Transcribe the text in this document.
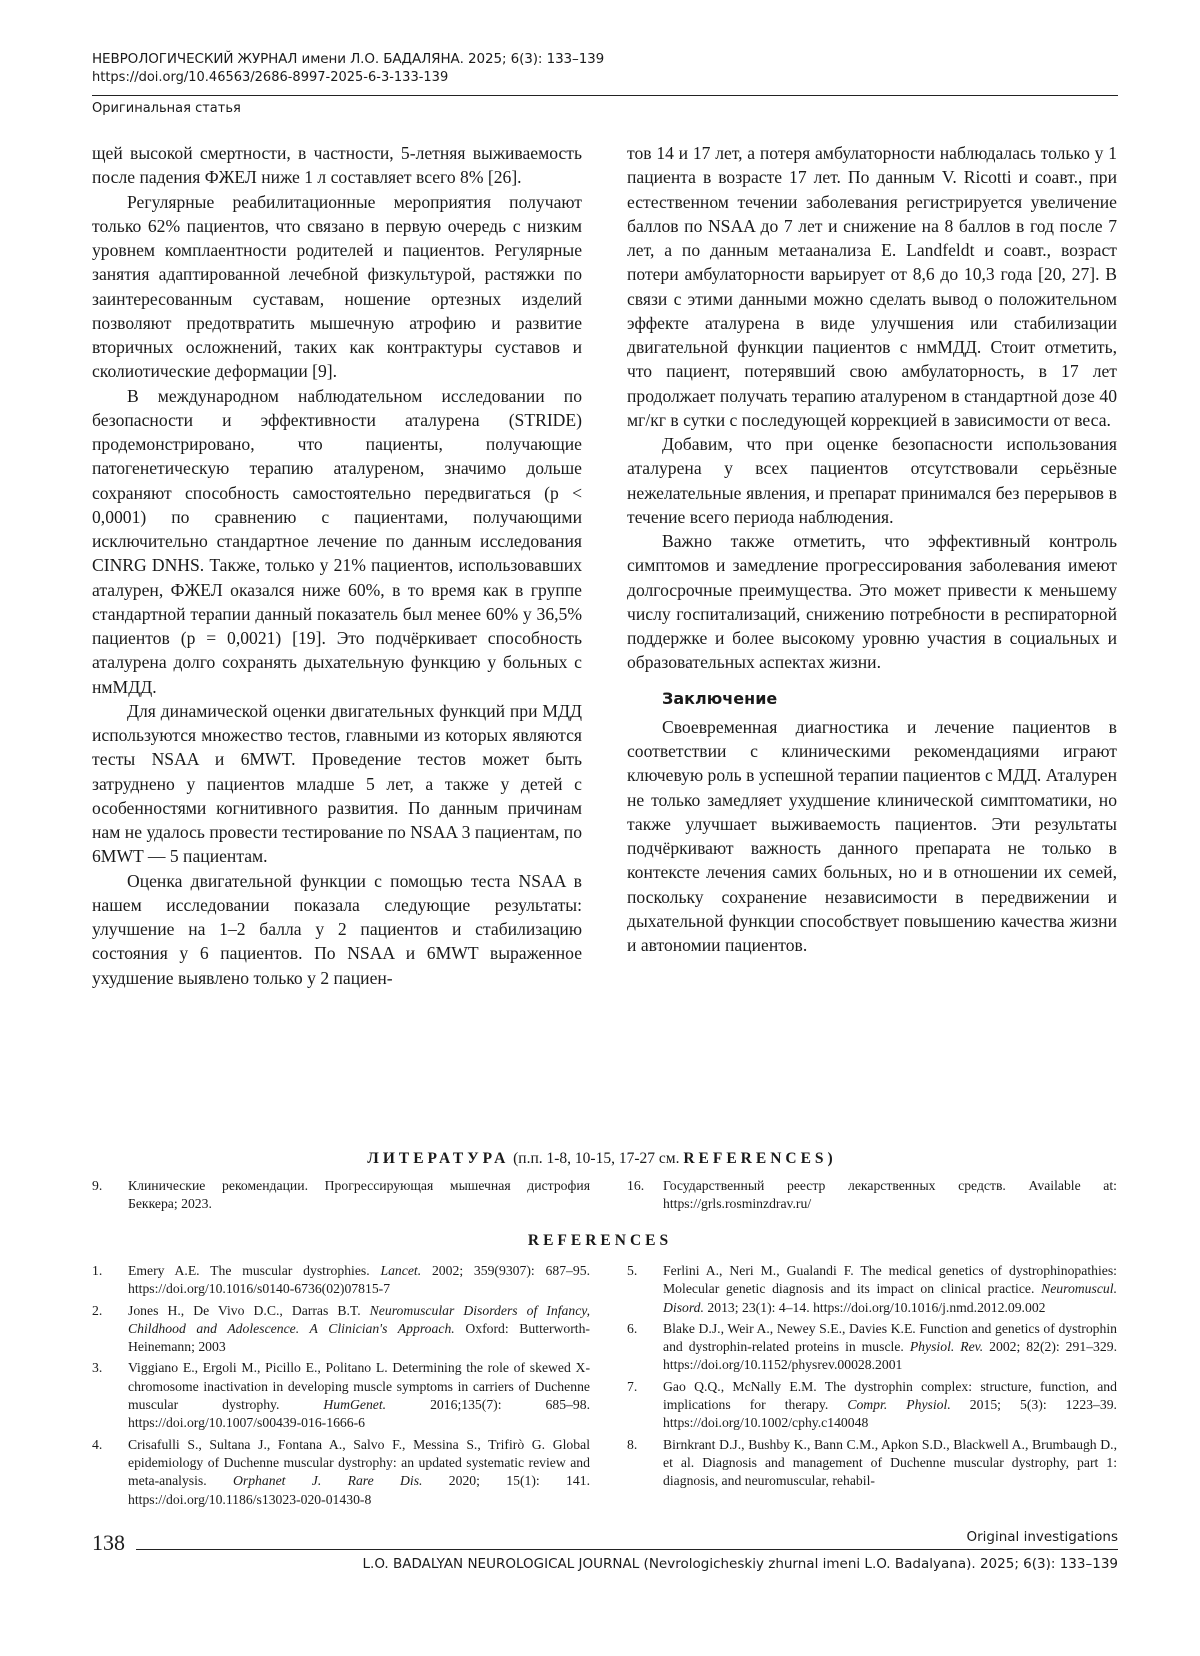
НЕВРОЛОГИЧЕСКИЙ ЖУРНАЛ имени Л.О. БАДАЛЯНА. 2025; 6(3): 133–139
https://doi.org/10.46563/2686-8997-2025-6-3-133-139
Оригинальная статья

щей высокой смертности, в частности, 5-летняя выживаемость после падения ФЖЕЛ ниже 1 л составляет всего 8% [26].

Регулярные реабилитационные мероприятия получают только 62% пациентов, что связано в первую очередь с низким уровнем комплаентности родителей и пациентов. Регулярные занятия адаптированной лечебной физкультурой, растяжки по заинтересованным суставам, ношение ортезных изделий позволяют предотвратить мышечную атрофию и развитие вторичных осложнений, таких как контрактуры суставов и сколиотические деформации [9].

В международном наблюдательном исследовании по безопасности и эффективности аталурена (STRIDE) продемонстрировано, что пациенты, получающие патогенетическую терапию аталуреном, значимо дольше сохраняют способность самостоятельно передвигаться (p < 0,0001) по сравнению с пациентами, получающими исключительно стандартное лечение по данным исследования CINRG DNHS. Также, только у 21% пациентов, использовавших аталурен, ФЖЕЛ оказался ниже 60%, в то время как в группе стандартной терапии данный показатель был менее 60% у 36,5% пациентов (p = 0,0021) [19]. Это подчёркивает способность аталурена долго сохранять дыхательную функцию у больных с нмМДД.

Для динамической оценки двигательных функций при МДД используются множество тестов, главными из которых являются тесты NSAA и 6MWT. Проведение тестов может быть затруднено у пациентов младше 5 лет, а также у детей с особенностями когнитивного развития. По данным причинам нам не удалось провести тестирование по NSAA 3 пациентам, по 6MWT — 5 пациентам.

Оценка двигательной функции с помощью теста NSAA в нашем исследовании показала следующие результаты: улучшение на 1–2 балла у 2 пациентов и стабилизацию состояния у 6 пациентов. По NSAA и 6MWT выраженное ухудшение выявлено только у 2 пациен-

тов 14 и 17 лет, а потеря амбулаторности наблюдалась только у 1 пациента в возрасте 17 лет. По данным V. Ricotti и соавт., при естественном течении заболевания регистрируется увеличение баллов по NSAA до 7 лет и снижение на 8 баллов в год после 7 лет, а по данным метаанализа E. Landfeldt и соавт., возраст потери амбулаторности варьирует от 8,6 до 10,3 года [20, 27]. В связи с этими данными можно сделать вывод о положительном эффекте аталурена в виде улучшения или стабилизации двигательной функции пациентов с нмМДД. Стоит отметить, что пациент, потерявший свою амбулаторность, в 17 лет продолжает получать терапию аталуреном в стандартной дозе 40 мг/кг в сутки с последующей коррекцией в зависимости от веса.

Добавим, что при оценке безопасности использования аталурена у всех пациентов отсутствовали серьёзные нежелательные явления, и препарат принимался без перерывов в течение всего периода наблюдения.

Важно также отметить, что эффективный контроль симптомов и замедление прогрессирования заболевания имеют долгосрочные преимущества. Это может привести к меньшему числу госпитализаций, снижению потребности в респираторной поддержке и более высокому уровню участия в социальных и образовательных аспектах жизни.

Заключение

Своевременная диагностика и лечение пациентов в соответствии с клиническими рекомендациями играют ключевую роль в успешной терапии пациентов с МДД. Аталурен не только замедляет ухудшение клинической симптоматики, но также улучшает выживаемость пациентов. Эти результаты подчёркивают важность данного препарата не только в контексте лечения самих больных, но и в отношении их семей, поскольку сохранение независимости в передвижении и дыхательной функции способствует повышению качества жизни и автономии пациентов.

ЛИТЕРАТУРА (п.п. 1-8, 10-15, 17-27 см. REFERENCES)
9.	Клинические рекомендации. Прогрессирующая мышечная дистрофия Беккера; 2023.
16.	Государственный реестр лекарственных средств. Available at: https://grls.rosminzdrav.ru/
REFERENCES
1.	Emery A.E. The muscular dystrophies. Lancet. 2002; 359(9307): 687–95. https://doi.org/10.1016/s0140-6736(02)07815-7
2.	Jones H., De Vivo D.C., Darras B.T. Neuromuscular Disorders of Infancy, Childhood and Adolescence. A Clinician's Approach. Oxford: Butterworth-Heinemann; 2003
3.	Viggiano E., Ergoli M., Picillo E., Politano L. Determining the role of skewed X-chromosome inactivation in developing muscle symptoms in carriers of Duchenne muscular dystrophy. HumGenet. 2016;135(7): 685–98. https://doi.org/10.1007/s00439-016-1666-6
4.	Crisafulli S., Sultana J., Fontana A., Salvo F., Messina S., Trifirò G. Global epidemiology of Duchenne muscular dystrophy: an updated systematic review and meta-analysis. Orphanet J. Rare Dis. 2020; 15(1): 141. https://doi.org/10.1186/s13023-020-01430-8
5.	Ferlini A., Neri M., Gualandi F. The medical genetics of dystrophinopathies: Molecular genetic diagnosis and its impact on clinical practice. Neuromuscul. Disord. 2013; 23(1): 4–14. https://doi.org/10.1016/j.nmd.2012.09.002
6.	Blake D.J., Weir A., Newey S.E., Davies K.E. Function and genetics of dystrophin and dystrophin-related proteins in muscle. Physiol. Rev. 2002; 82(2): 291–329. https://doi.org/10.1152/physrev.00028.2001
7.	Gao Q.Q., McNally E.M. The dystrophin complex: structure, function, and implications for therapy. Compr. Physiol. 2015; 5(3): 1223–39. https://doi.org/10.1002/cphy.c140048
8.	Birnkrant D.J., Bushby K., Bann C.M., Apkon S.D., Blackwell A., Brumbaugh D., et al. Diagnosis and management of Duchenne muscular dystrophy, part 1: diagnosis, and neuromuscular, rehabil-
138	Original investigations
L.O. BADALYAN NEUROLOGICAL JOURNAL (Nevrologicheskiy zhurnal imeni L.O. Badalyana). 2025; 6(3): 133–139
